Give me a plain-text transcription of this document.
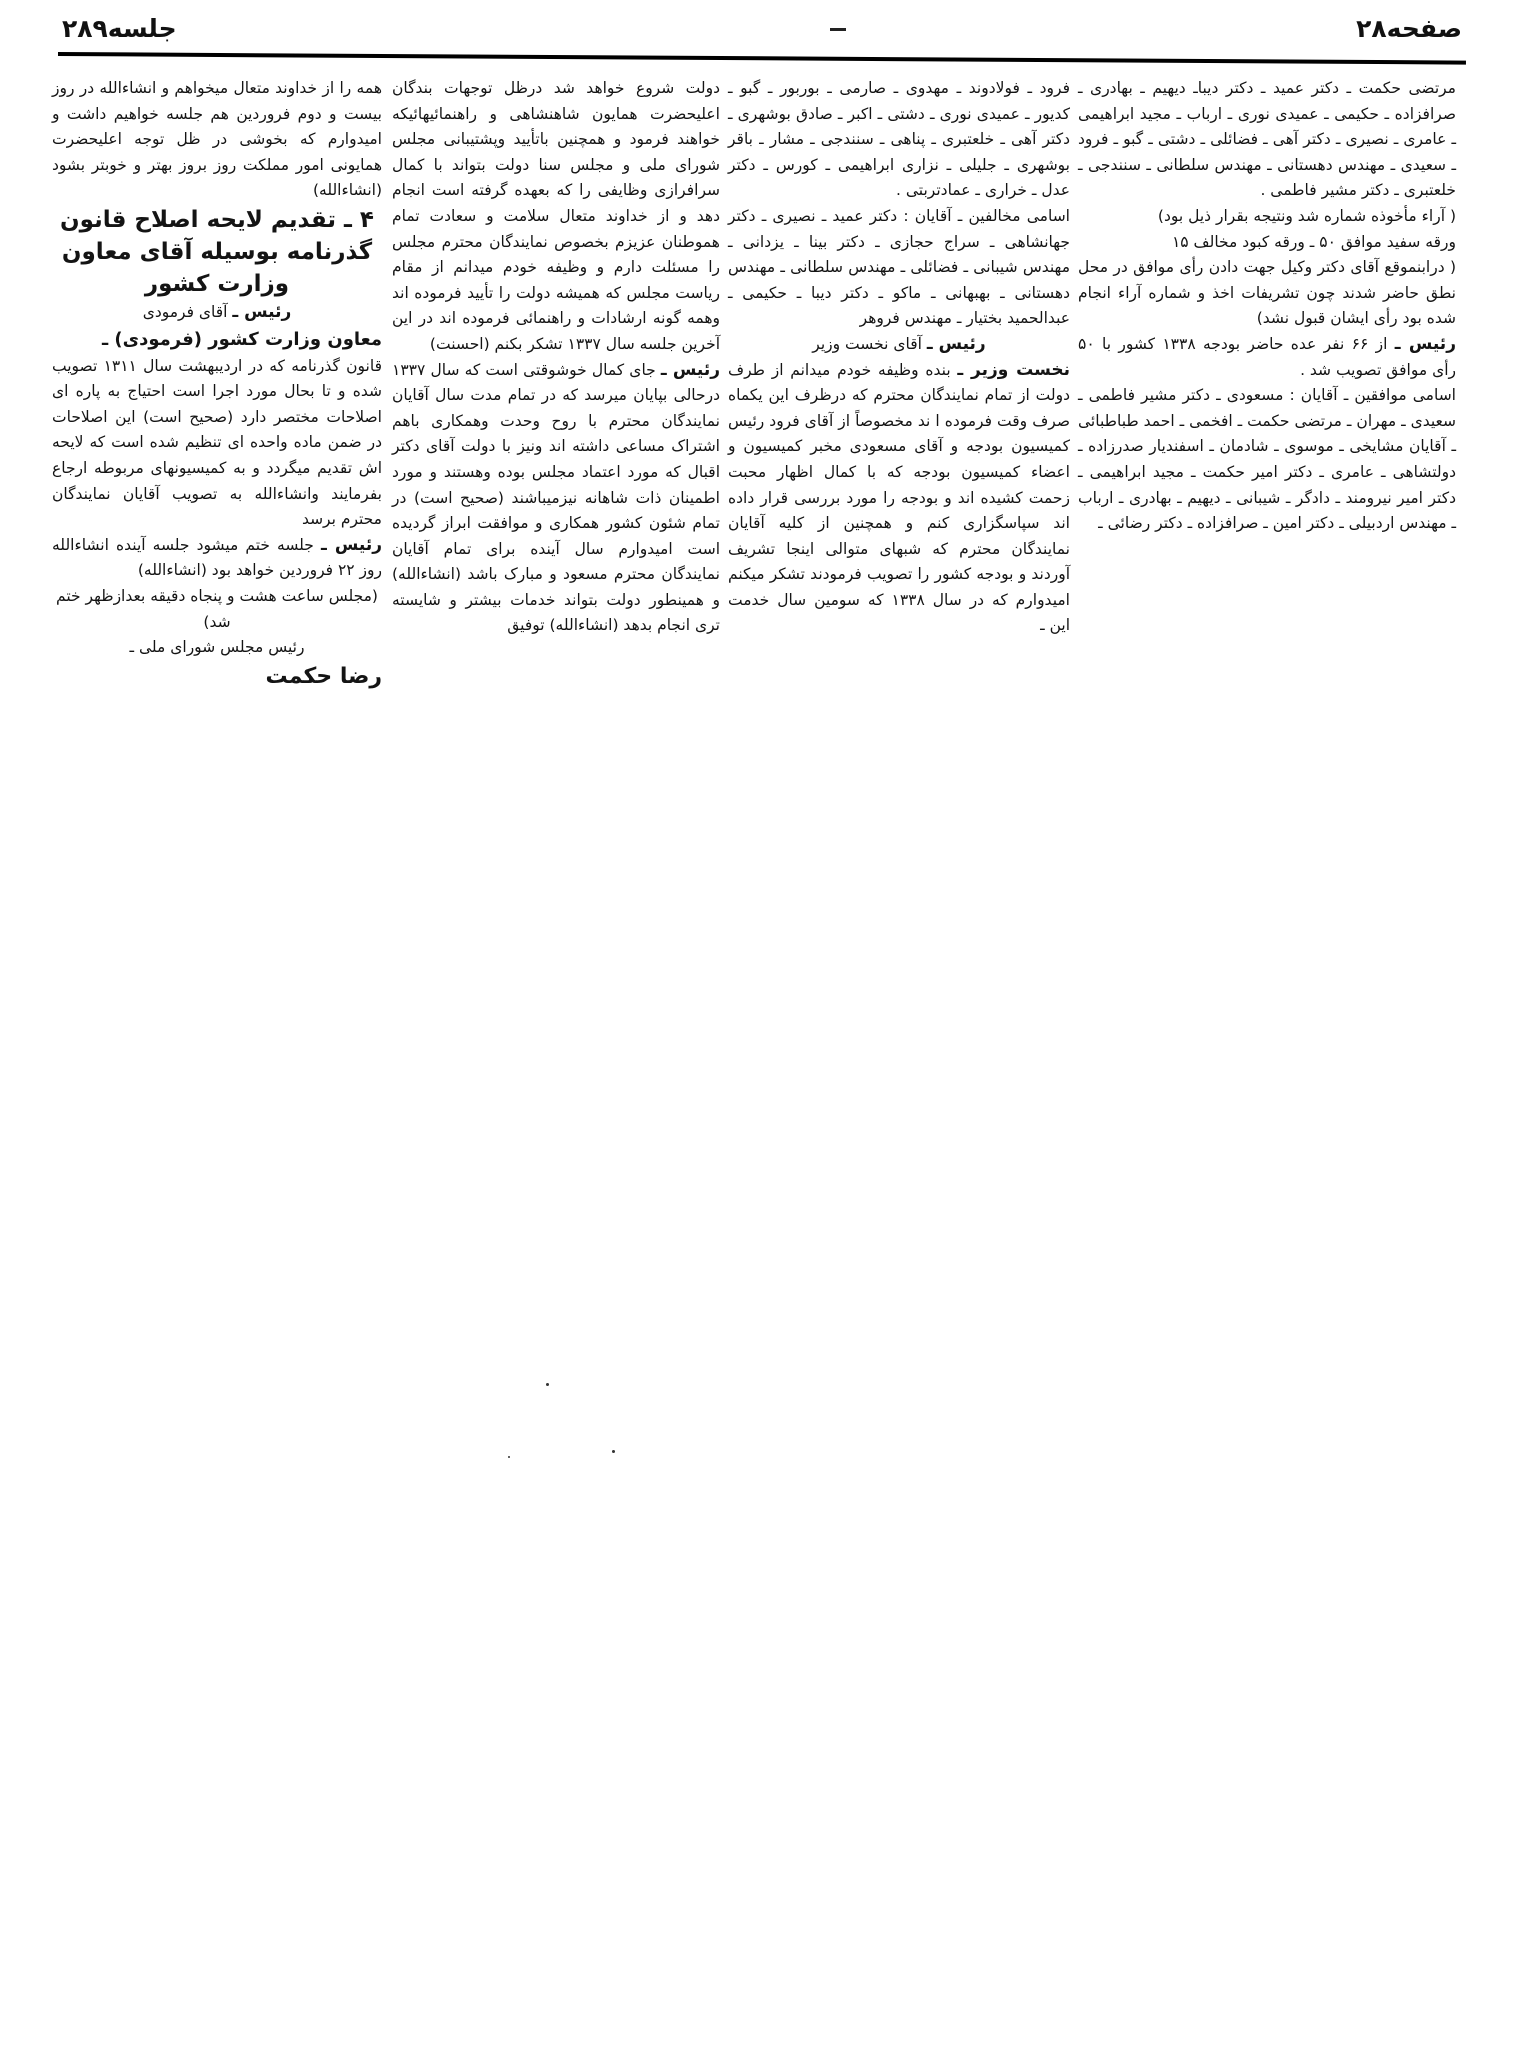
جلسه۲۸۹	صفحه۲۸

مرتضی حکمت ـ دکتر عمید ـ دکتر دیباـ دیهیم ـ بهادری ـ صرافزاده ـ حکیمی ـ عمیدی نوری ـ ارباب ـ مجید ابراهیمی ـ عامری ـ نصیری ـ دکتر آهی ـ فضائلی ـ دشتی ـ گبو ـ فرود ـ سعیدی ـ مهندس دهستانی ـ مهندس سلطانی ـ سنندجی ـ خلعتبری ـ دکتر مشیر فاطمی .

( آراء مأخوذه شماره شد ونتیجه بقرار ذیل بود)

ورقه سفید موافق ۵۰ ـ ورقه کبود مخالف ۱۵

( درابنموقع آقای دکتر وکیل جهت دادن رأی موافق در محل نطق حاضر شدند چون تشریفات اخذ و شماره آراء انجام شده بود رأی ایشان قبول نشد)

رئیس ـ از ۶۶ نفر عده حاضر بودجه ۱۳۳۸ کشور با ۵۰ رأی موافق تصویب شد .

اسامی موافقین ـ آقایان : مسعودی ـ دکتر مشیر فاطمی ـ سعیدی ـ مهران ـ مرتضی حکمت ـ افخمی ـ احمد طباطبائی ـ آقایان مشایخی ـ موسوی ـ شادمان ـ اسفندیار صدرزاده ـ دولتشاهی ـ عامری ـ دکتر امیر حکمت ـ مجید ابراهیمی ـ دکتر امیر نیرومند ـ دادگر ـ شیبانی ـ دیهیم ـ بهادری ـ ارباب ـ مهندس اردبیلی ـ دکتر امین ـ صرافزاده ـ دکتر رضائی ـ

فرود ـ فولادوند ـ مهدوی ـ صارمی ـ بوربور ـ گبو ـ کدیور ـ عمیدی نوری ـ دشتی ـ اکبر ـ صادق بوشهری ـ دکتر آهی ـ خلعتبری ـ پناهی ـ سنندجی ـ مشار ـ باقر بوشهری ـ جلیلی ـ نزاری ابراهیمی ـ کورس ـ دکتر عدل ـ خراری ـ عمادتربتی .

اسامی مخالفین ـ آقایان : دکتر عمید ـ نصیری ـ دکتر جهانشاهی ـ سراج حجازی ـ دکتر بینا ـ یزدانی ـ مهندس شیبانی ـ فضائلی ـ مهندس سلطانی ـ مهندس دهستانی ـ بهبهانی ـ ماکو ـ دکتر دیبا ـ حکیمی ـ عبدالحمید بختیار ـ مهندس فروهر

رئیس ـ آقای نخست وزیر

نخست وزیر ـ بنده وظیفه خودم میدانم از طرف دولت از تمام نمایندگان محترم که درظرف این یکماه صرف وقت فرموده ا ند مخصوصاً از آقای فرود رئیس کمیسیون بودجه و آقای مسعودی مخبر کمیسیون و اعضاء کمیسیون بودجه که با کمال اظهار محبت زحمت کشیده اند و بودجه را مورد بررسی قرار داده اند سپاسگزاری کنم و همچنین از کلیه آقایان نمایندگان محترم که شبهای متوالی اینجا تشریف آوردند و بودجه کشور را تصویب فرمودند تشکر میکنم امیدوارم که در سال ۱۳۳۸ که سومین سال خدمت این ـ

دولت شروع خواهد شد درظل توجهات بندگان اعلیحضرت همایون شاهنشاهی و راهنمائیهائیکه خواهند فرمود و همچنین باتأیید وپشتیبانی مجلس شورای ملی و مجلس سنا دولت بتواند با کمال سرافرازی وظایفی را که بعهده گرفته است انجام دهد و از خداوند متعال سلامت و سعادت تمام هموطنان عزیزم بخصوص نمایندگان محترم مجلس را مسئلت دارم و وظیفه خودم میدانم از مقام ریاست مجلس که همیشه دولت را تأیید فرموده اند وهمه گونه ارشادات و راهنمائی فرموده اند در این آخرین جلسه سال ۱۳۳۷ تشکر بکنم (احسنت)

رئیس ـ جای کمال خوشوقتی است که سال ۱۳۳۷ درحالی بپایان میرسد که در تمام مدت سال آقایان نمایندگان محترم با روح وحدت وهمکاری باهم اشتراک مساعی داشته اند ونیز با دولت آقای دکتر اقبال که مورد اعتماد مجلس بوده وهستند و مورد اطمینان ذات شاهانه نیزمیباشند (صحیح است) در تمام شئون کشور همکاری و موافقت ابراز گردیده است امیدوارم سال آینده برای تمام آقایان نمایندگان محترم مسعود و مبارک باشد (انشاءالله) و همینطور دولت بتواند خدمات بیشتر و شایسته تری انجام بدهد (انشاءالله) توفیق

همه را از خداوند متعال میخواهم و انشاءالله در روز بیست و دوم فروردین هم جلسه خواهیم داشت و امیدوارم که بخوشی در ظل توجه اعلیحضرت همایونی امور مملکت روز بروز بهتر و خوبتر بشود (انشاءالله)

۴ ـ تقدیم لایحه اصلاح قانون گذرنامه بوسیله آقای معاون وزارت کشور

رئیس ـ آقای فرمودی

معاون وزارت کشور (فرمودی) ـ

قانون گذرنامه که در اردیبهشت سال ۱۳۱۱ تصویب شده و تا بحال مورد اجرا است احتیاج به پاره ای اصلاحات مختصر دارد (صحیح است) این اصلاحات در ضمن ماده واحده ای تنظیم شده است که لایحه اش تقدیم میگردد و به کمیسیونهای مربوطه ارجاع بفرمایند وانشاءالله به تصویب آقایان نمایندگان محترم برسد

رئیس ـ جلسه ختم میشود جلسه آینده انشاءالله روز ۲۲ فروردین خواهد بود (انشاءالله)

(مجلس ساعت هشت و پنجاه دقیقه بعدازظهر ختم شد)

رئیس مجلس شورای ملی ـ

رضا حکمت
